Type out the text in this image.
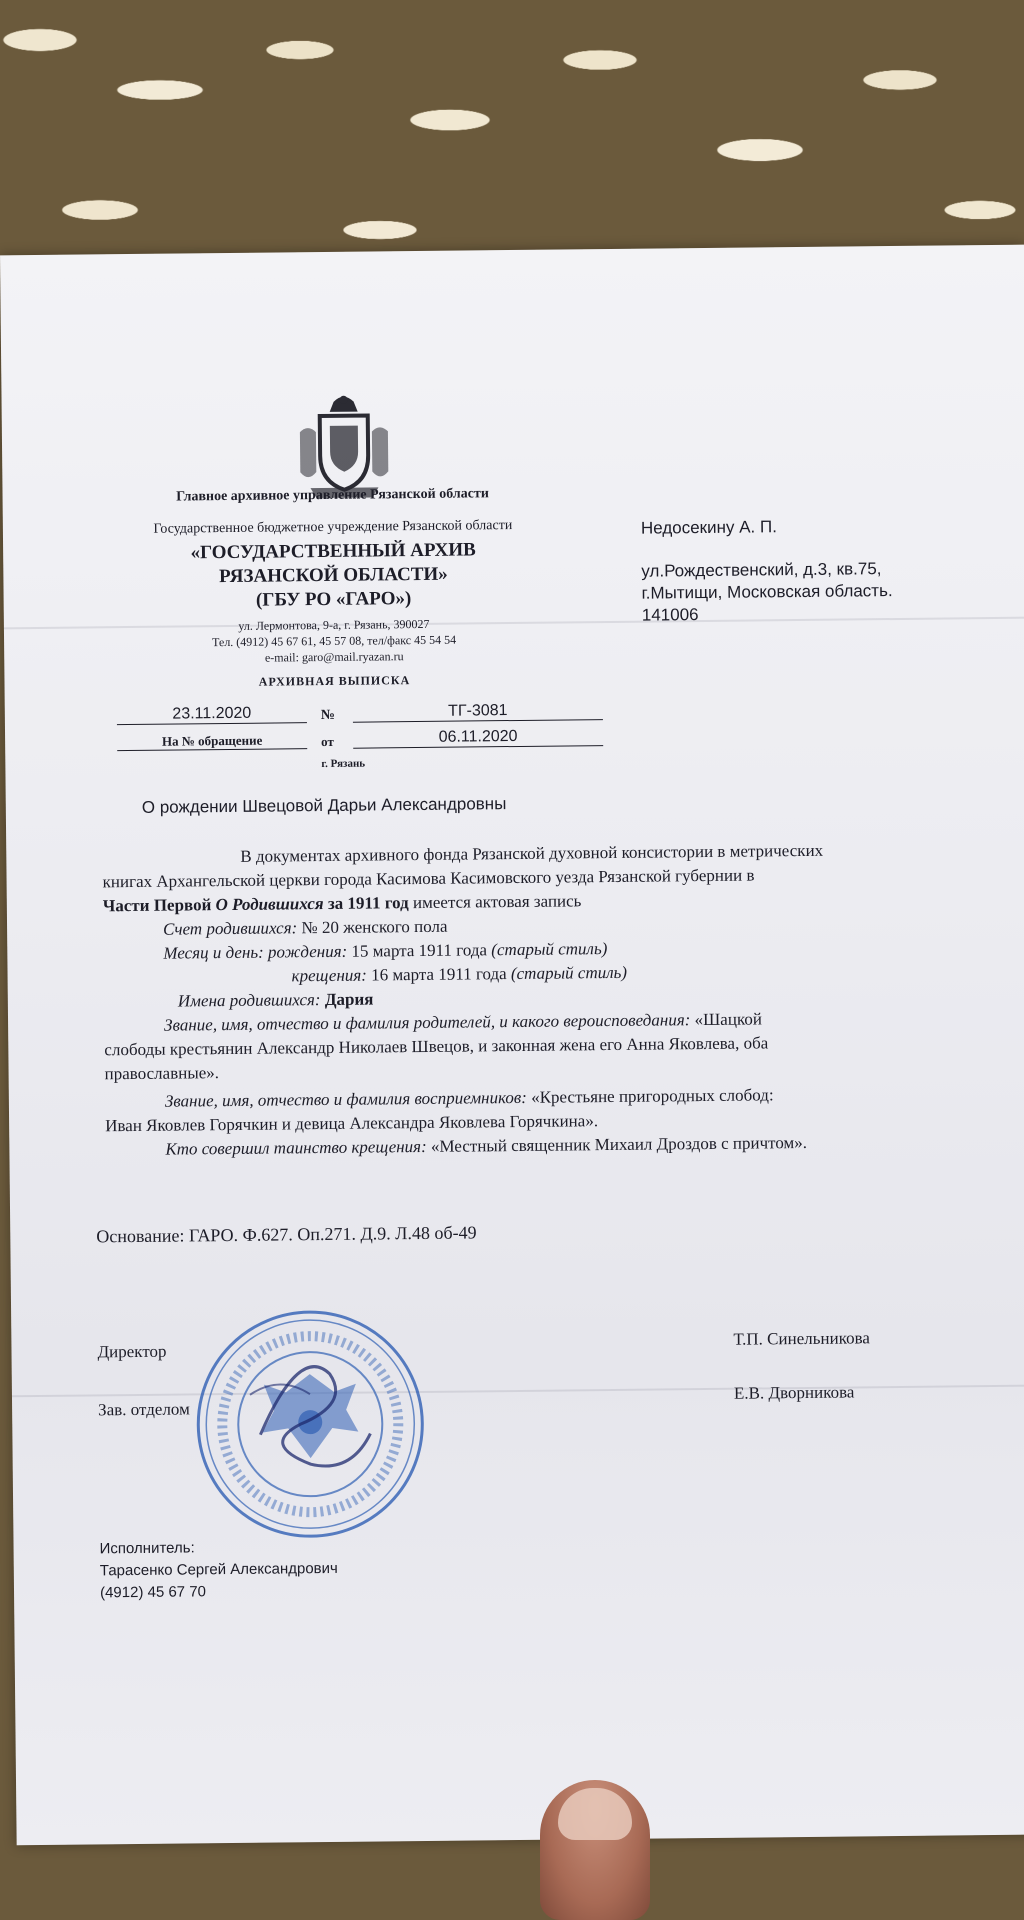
Главное архивное управление Рязанской области
Государственное бюджетное учреждение Рязанской области
«ГОСУДАРСТВЕННЫЙ АРХИВ
РЯЗАНСКОЙ ОБЛАСТИ»
(ГБУ РО «ГАРО»)
ул. Лермонтова, 9-а, г. Рязань, 390027
Тел. (4912) 45 67 61, 45 57 08, тел/факс 45 54 54
e-mail: garo@mail.ryazan.ru
АРХИВНАЯ ВЫПИСКА
Недосекину А. П.
ул.Рождественский, д.3, кв.75,
г.Мытищи, Московская область.
141006
23.11.2020	№	ТГ-3081
На № обращение	от	06.11.2020
г. Рязань
О рождении Швецовой Дарьи Александровны
В документах архивного фонда Рязанской духовной консистории в метрических
книгах Архангельской церкви города Касимова Касимовского уезда Рязанской губернии в
Части Первой О Родившихся за 1911 год имеется актовая запись
Счет родившихся: № 20 женского пола
Месяц и день: рождения: 15 марта 1911 года (старый стиль)
крещения: 16 марта 1911 года (старый стиль)
Имена родившихся: Дария
Звание, имя, отчество и фамилия родителей, и какого вероисповедания: «Шацкой
слободы крестьянин Александр Николаев Швецов, и законная жена его Анна Яковлева, оба
православные».
Звание, имя, отчество и фамилия восприемников: «Крестьяне пригородных слобод:
Иван Яковлев Горячкин и девица Александра Яковлева Горячкина».
Кто совершил таинство крещения: «Местный священник Михаил Дроздов с причтом».
Основание: ГАРО. Ф.627. Оп.271. Д.9. Л.48 об-49
Директор
Т.П. Синельникова
Зав. отделом
Е.В. Дворникова
Исполнитель:
Тарасенко Сергей Александрович
(4912) 45 67 70
